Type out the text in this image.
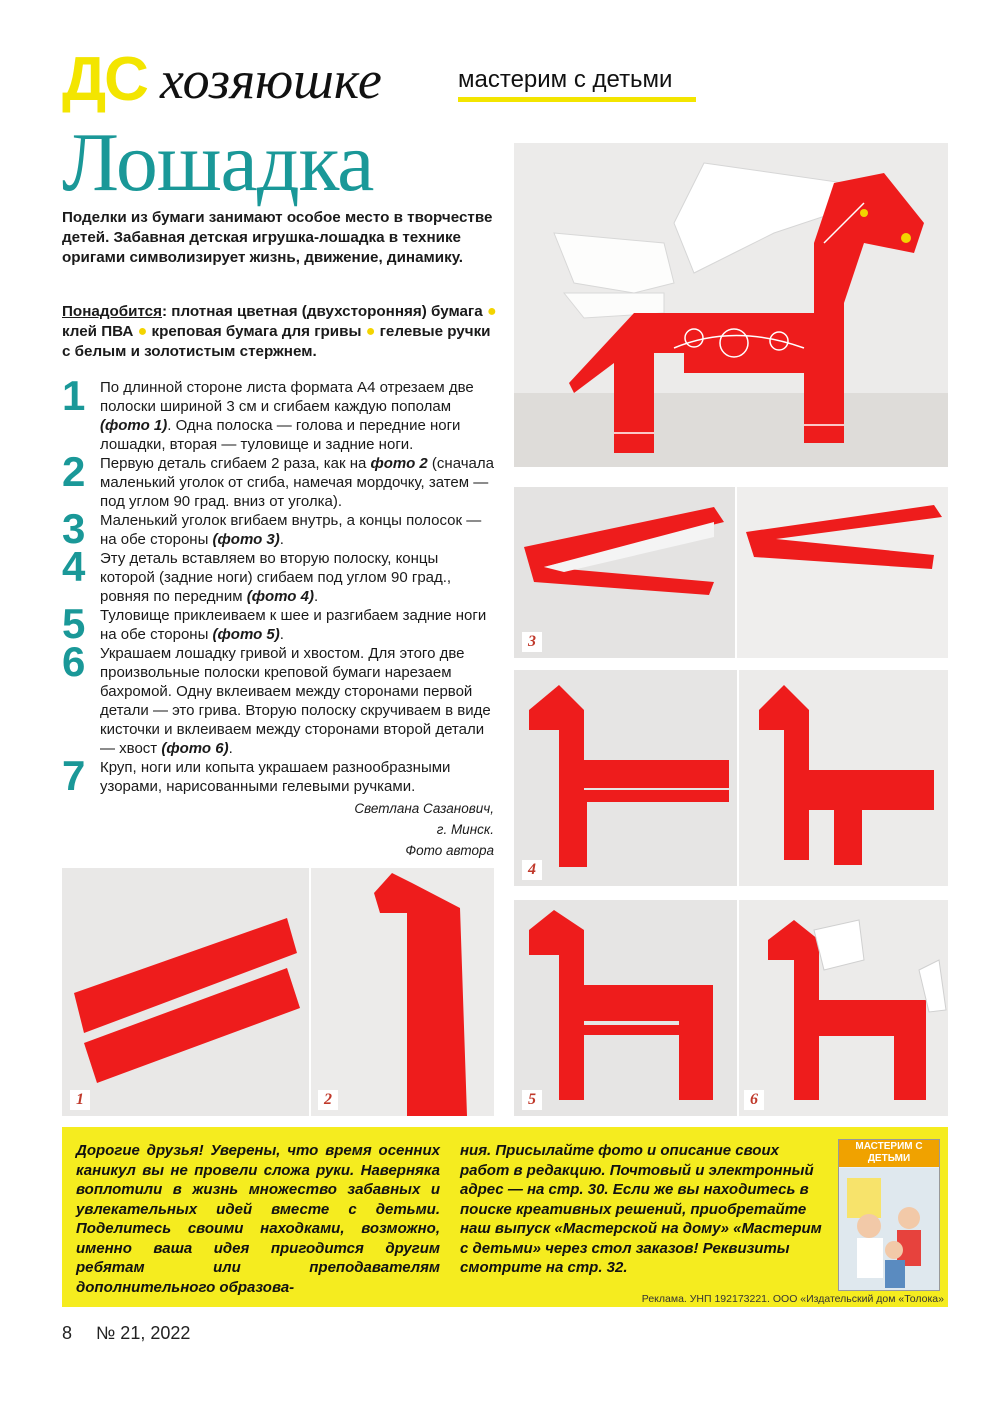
ДС хозяюшке	мастерим с детьми
Лошадка
Поделки из бумаги занимают особое место в творчестве детей. Забавная детская игрушка-лошадка в технике оригами символизирует жизнь, движение, динамику.
Понадобится: плотная цветная (двухсторонняя) бумага ● клей ПВА ● креповая бумага для гривы ● гелевые ручки с белым и золотистым стержнем.
1 По длинной стороне листа формата А4 отрезаем две полоски шириной 3 см и сгибаем каждую пополам (фото 1). Одна полоска — голова и передние ноги лошадки, вторая — туловище и задние ноги.
2 Первую деталь сгибаем 2 раза, как на фото 2 (сначала маленький уголок от сгиба, намечая мордочку, затем — под углом 90 град. вниз от уголка).
3 Маленький уголок вгибаем внутрь, а концы полосок — на обе стороны (фото 3).
4 Эту деталь вставляем во вторую полоску, концы которой (задние ноги) сгибаем под углом 90 град., ровняя по передним (фото 4).
5 Туловище приклеиваем к шее и разгибаем задние ноги на обе стороны (фото 5).
6 Украшаем лошадку гривой и хвостом. Для этого две произвольные полоски креповой бумаги нарезаем бахромой. Одну вклеиваем между сторонами первой детали — это грива. Вторую полоску скручиваем в виде кисточки и вклеиваем между сторонами второй детали — хвост (фото 6).
7 Круп, ноги или копыта украшаем разнообразными узорами, нарисованными гелевыми ручками.
Светлана Сазанович,
г. Минск.
Фото автора
3
4
1	2	5	6
Дорогие друзья! Уверены, что время осенних каникул вы не провели сложа руки. Наверняка воплотили в жизнь множество забавных и увлекательных идей вместе с детьми. Поделитесь своими находками, возможно, именно ваша идея пригодится другим ребятам или преподавателям дополнительного образова-
ния. Присылайте фото и описание своих работ в редакцию. Почтовый и электронный адрес — на стр. 30. Если же вы находитесь в поиске креативных решений, приобретайте наш выпуск «Мастерской на дому» «Мастерим с детьми» через стол заказов! Реквизиты смотрите на стр. 32.
МАСТЕРИМ С ДЕТЬМИ
Реклама. УНП 192173221. ООО «Издательский дом «Толока»
8 № 21, 2022
